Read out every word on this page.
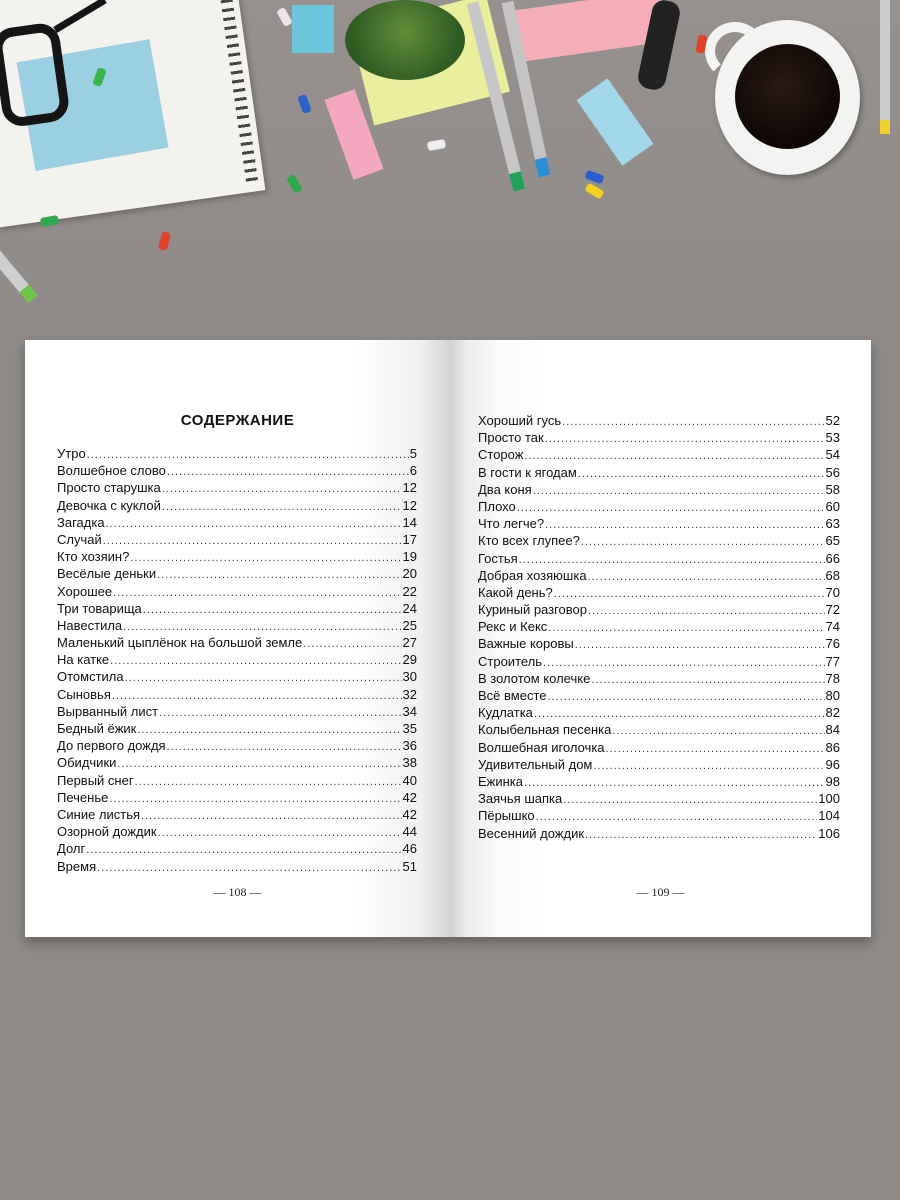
СОДЕРЖАНИЕ
Утро .....	5
Волшебное слово .....	6
Просто старушка .....	12
Девочка с куклой .....	12
Загадка .....	14
Случай .....	17
Кто хозяин? .....	19
Весёлые деньки .....	20
Хорошее .....	22
Три товарища .....	24
Навестила .....	25
Маленький цыплёнок на большой земле .....	27
На катке .....	29
Отомстила .....	30
Сыновья .....	32
Вырванный лист .....	34
Бедный ёжик .....	35
До первого дождя .....	36
Обидчики .....	38
Первый снег .....	40
Печенье .....	42
Синие листья .....	42
Озорной дождик .....	44
Долг .....	46
Время .....	51
— 108 —
Хороший гусь .....	52
Просто так .....	53
Сторож .....	54
В гости к ягодам .....	56
Два коня .....	58
Плохо .....	60
Что легче? .....	63
Кто всех глупее? .....	65
Гостья .....	66
Добрая хозяюшка .....	68
Какой день? .....	70
Куриный разговор .....	72
Рекс и Кекс .....	74
Важные коровы .....	76
Строитель .....	77
В золотом колечке .....	78
Всё вместе .....	80
Кудлатка .....	82
Колыбельная песенка .....	84
Волшебная иголочка .....	86
Удивительный дом .....	96
Ежинка .....	98
Заячья шапка .....	100
Пёрышко .....	104
Весенний дождик .....	106
— 109 —
